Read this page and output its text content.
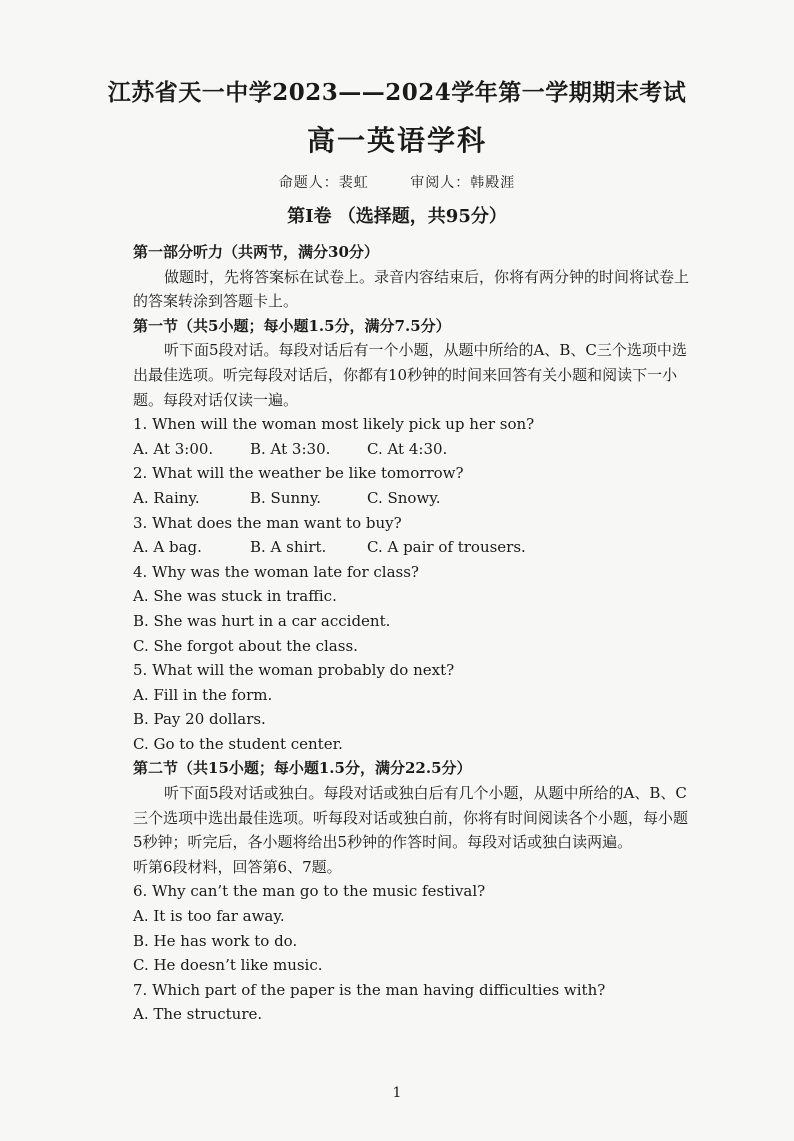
江苏省天一中学2023——2024学年第一学期期末考试
高一英语学科
命题人：裴虹	审阅人：韩殿涯
第I卷 （选择题，共95分）
第一部分听力（共两节，满分30分）
做题时，先将答案标在试卷上。录音内容结束后，你将有两分钟的时间将试卷上的答案转涂到答题卡上。
第一节（共5小题；每小题1.5分，满分7.5分）
听下面5段对话。每段对话后有一个小题，从题中所给的A、B、C三个选项中选出最佳选项。听完每段对话后，你都有10秒钟的时间来回答有关小题和阅读下一小题。每段对话仅读一遍。
1. When will the woman most likely pick up her son?
A. At 3:00.	B. At 3:30.	C. At 4:30.
2. What will the weather be like tomorrow?
A. Rainy.	B. Sunny.	C. Snowy.
3. What does the man want to buy?
A. A bag.	B. A shirt.	C. A pair of trousers.
4. Why was the woman late for class?
A. She was stuck in traffic.
B. She was hurt in a car accident.
C. She forgot about the class.
5. What will the woman probably do next?
A. Fill in the form.
B. Pay 20 dollars.
C. Go to the student center.
第二节（共15小题；每小题1.5分，满分22.5分）
听下面5段对话或独白。每段对话或独白后有几个小题，从题中所给的A、B、C三个选项中选出最佳选项。听每段对话或独白前，你将有时间阅读各个小题，每小题5秒钟；听完后，各小题将给出5秒钟的作答时间。每段对话或独白读两遍。
听第6段材料，回答第6、7题。
6. Why can’t the man go to the music festival?
A. It is too far away.
B. He has work to do.
C. He doesn’t like music.
7. Which part of the paper is the man having difficulties with?
A. The structure.
1
